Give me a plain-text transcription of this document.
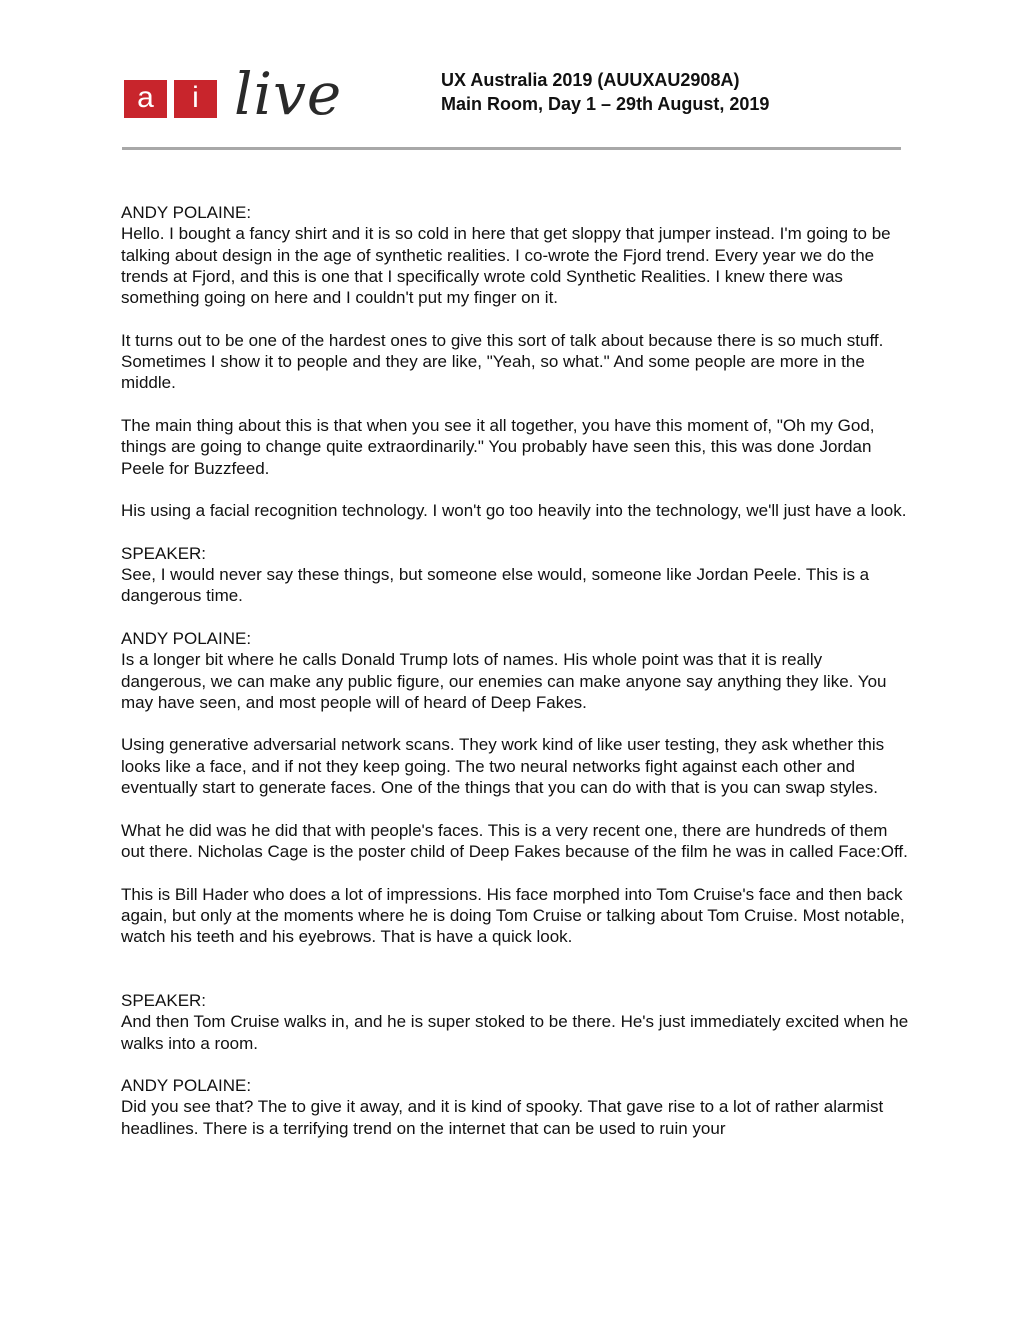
a	i live	UX Australia 2019 (AUUXAU2908A)
Main Room, Day 1 – 29th August, 2019
ANDY POLAINE:
Hello. I bought a fancy shirt and it is so cold in here that get sloppy that jumper instead. I'm going to be talking about design in the age of synthetic realities. I co-wrote the Fjord trend. Every year we do the trends at Fjord, and this is one that I specifically wrote cold Synthetic Realities. I knew there was something going on here and I couldn't put my finger on it.
It turns out to be one of the hardest ones to give this sort of talk about because there is so much stuff. Sometimes I show it to people and they are like, "Yeah, so what." And some people are more in the middle.
The main thing about this is that when you see it all together, you have this moment of, "Oh my God, things are going to change quite extraordinarily." You probably have seen this, this was done Jordan Peele for Buzzfeed.
His using a facial recognition technology. I won't go too heavily into the technology, we'll just have a look.
SPEAKER:
See, I would never say these things, but someone else would, someone like Jordan Peele. This is a dangerous time.
ANDY POLAINE:
Is a longer bit where he calls Donald Trump lots of names. His whole point was that it is really dangerous, we can make any public figure, our enemies can make anyone say anything they like. You may have seen, and most people will of heard of Deep Fakes.
Using generative adversarial network scans. They work kind of like user testing, they ask whether this looks like a face, and if not they keep going. The two neural networks fight against each other and eventually start to generate faces. One of the things that you can do with that is you can swap styles.
What he did was he did that with people's faces. This is a very recent one, there are hundreds of them out there. Nicholas Cage is the poster child of Deep Fakes because of the film he was in called Face:Off.
This is Bill Hader who does a lot of impressions. His face morphed into Tom Cruise's face and then back again, but only at the moments where he is doing Tom Cruise or talking about Tom Cruise. Most notable, watch his teeth and his eyebrows. That is have a quick look.
SPEAKER:
And then Tom Cruise walks in, and he is super stoked to be there. He's just immediately excited when he walks into a room.
ANDY POLAINE:
Did you see that? The to give it away, and it is kind of spooky. That gave rise to a lot of rather alarmist headlines. There is a terrifying trend on the internet that can be used to ruin your
